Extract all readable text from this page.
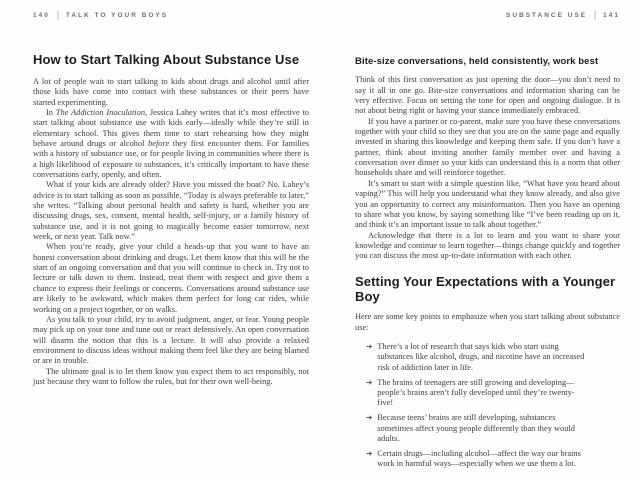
140 TALK TO YOUR BOYS
How to Start Talking About Substance Use

A lot of people wait to start talking to kids about drugs and alcohol until after those kids have come into contact with these substances or their peers have started experimenting.

In The Addiction Inoculation, Jessica Lahey writes that it’s most effective to start talking about substance use with kids early—ideally while they’re still in elementary school. This gives them time to start rehearsing how they might behave around drugs or alcohol before they first encounter them. For families with a history of substance use, or for people living in communities where there is a high likelihood of exposure to substances, it’s critically important to have these conversations early, openly, and often.

What if your kids are already older? Have you missed the boat? No. Lahey’s advice is to start talking as soon as possible. “Today is always preferable to later,” she writes. “Talking about personal health and safety is hard, whether you are discussing drugs, sex, consent, mental health, self-injury, or a family history of substance use, and it is not going to magically become easier tomorrow, next week, or next year. Talk now.”

When you’re ready, give your child a heads-up that you want to have an honest conversation about drinking and drugs. Let them know that this will be the start of an ongoing conversation and that you will continue to check in. Try not to lecture or talk down to them. Instead, treat them with respect and give them a chance to express their feelings or concerns. Conversations around substance use are likely to be awkward, which makes them perfect for long car rides, while working on a project together, or on walks.

As you talk to your child, try to avoid judgment, anger, or fear. Young people may pick up on your tone and tune out or react defensively. An open conversation will disarm the notion that this is a lecture. It will also provide a relaxed environment to discuss ideas without making them feel like they are being blamed or are in trouble.

The ultimate goal is to let them know you expect them to act responsibly, not just because they want to follow the rules, but for their own well-being.

SUBSTANCE USE 141
Bite-size conversations, held consistently, work best

Think of this first conversation as just opening the door—you don’t need to say it all in one go. Bite-size conversations and information sharing can be very effective. Focus on setting the tone for open and ongoing dialogue. It is not about being right or having your stance immediately embraced.

If you have a partner or co-parent, make sure you have these conversations together with your child so they see that you are on the same page and equally invested in sharing this knowledge and keeping them safe. If you don’t have a partner, think about inviting another family member over and having a conversation over dinner so your kids can understand this is a norm that other households share and will reinforce together.

It’s smart to start with a simple question like, “What have you heard about vaping?” This will help you understand what they know already, and also give you an opportunity to correct any misinformation. Then you have an opening to share what you know, by saying something like “I’ve been reading up on it, and think it’s an important issue to talk about together.”

Acknowledge that there is a lot to learn and you want to share your knowledge and continue to learn together—things change quickly and together you can discuss the most up-to-date information with each other.

Setting Your Expectations with a Younger Boy

Here are some key points to emphasize when you start talking about substance use:

➔ There’s a lot of research that says kids who start using substances like alcohol, drugs, and nicotine have an increased risk of addiction later in life.
➔ The brains of teenagers are still growing and developing—people’s brains aren’t fully developed until they’re twenty-five!
➔ Because teens’ brains are still developing, substances sometimes affect young people differently than they would adults.
➔ Certain drugs—including alcohol—affect the way our brains work in harmful ways—especially when we use them a lot.
